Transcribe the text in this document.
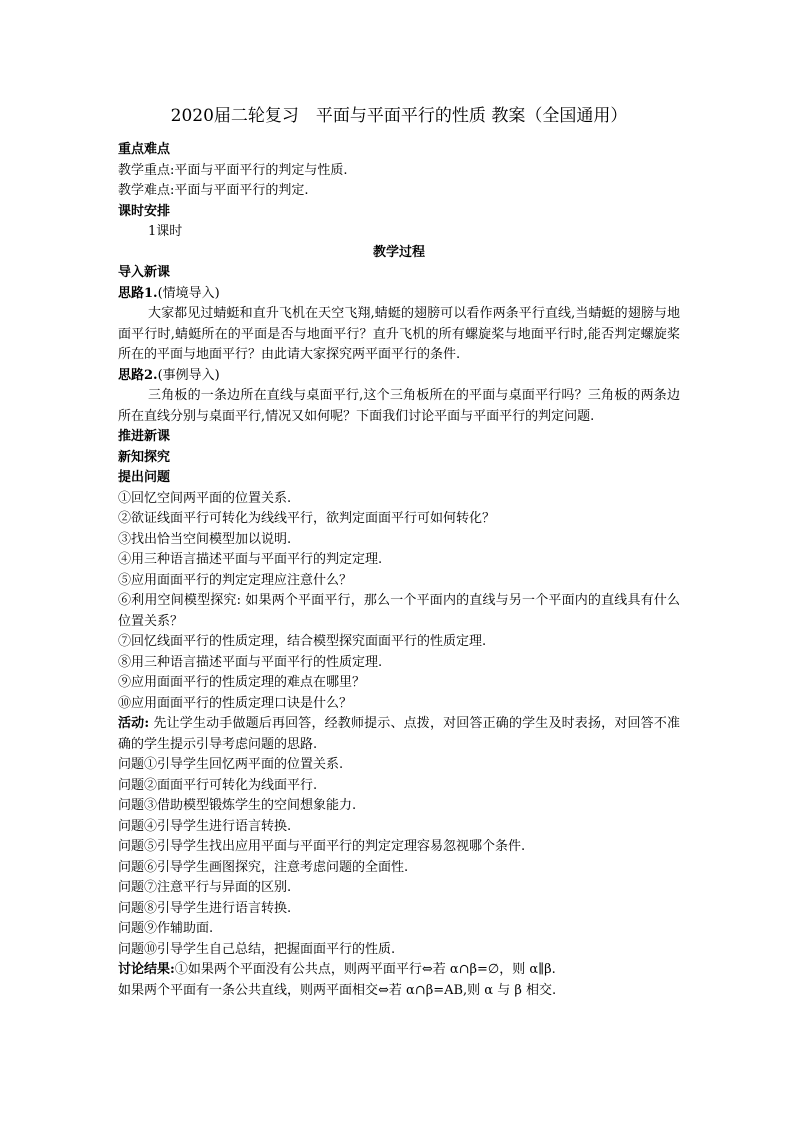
2020届二轮复习　平面与平面平行的性质 教案（全国通用）
重点难点
教学重点:平面与平面平行的判定与性质.
教学难点:平面与平面平行的判定.
课时安排
1课时
教学过程
导入新课
思路1.(情境导入)
大家都见过蜻蜓和直升飞机在天空飞翔,蜻蜓的翅膀可以看作两条平行直线,当蜻蜓的翅膀与地面平行时,蜻蜓所在的平面是否与地面平行？直升飞机的所有螺旋桨与地面平行时,能否判定螺旋桨所在的平面与地面平行？由此请大家探究两平面平行的条件.
思路2.(事例导入)
三角板的一条边所在直线与桌面平行,这个三角板所在的平面与桌面平行吗？三角板的两条边所在直线分别与桌面平行,情况又如何呢？下面我们讨论平面与平面平行的判定问题.
推进新课
新知探究
提出问题
①回忆空间两平面的位置关系.
②欲证线面平行可转化为线线平行，欲判定面面平行可如何转化？
③找出恰当空间模型加以说明.
④用三种语言描述平面与平面平行的判定定理.
⑤应用面面平行的判定定理应注意什么？
⑥利用空间模型探究: 如果两个平面平行，那么一个平面内的直线与另一个平面内的直线具有什么位置关系？
⑦回忆线面平行的性质定理，结合模型探究面面平行的性质定理.
⑧用三种语言描述平面与平面平行的性质定理.
⑨应用面面平行的性质定理的难点在哪里？
⑩应用面面平行的性质定理口诀是什么？
活动: 先让学生动手做题后再回答，经教师提示、点拨，对回答正确的学生及时表扬，对回答不准确的学生提示引导考虑问题的思路.
问题①引导学生回忆两平面的位置关系.
问题②面面平行可转化为线面平行.
问题③借助模型锻炼学生的空间想象能力.
问题④引导学生进行语言转换.
问题⑤引导学生找出应用平面与平面平行的判定定理容易忽视哪个条件.
问题⑥引导学生画图探究，注意考虑问题的全面性.
问题⑦注意平行与异面的区别.
问题⑧引导学生进行语言转换.
问题⑨作辅助面.
问题⑩引导学生自己总结，把握面面平行的性质.
讨论结果:①如果两个平面没有公共点，则两平面平行⇔若 α∩β=∅，则 α∥β.
如果两个平面有一条公共直线，则两平面相交⇔若 α∩β=AB,则 α 与 β 相交.
